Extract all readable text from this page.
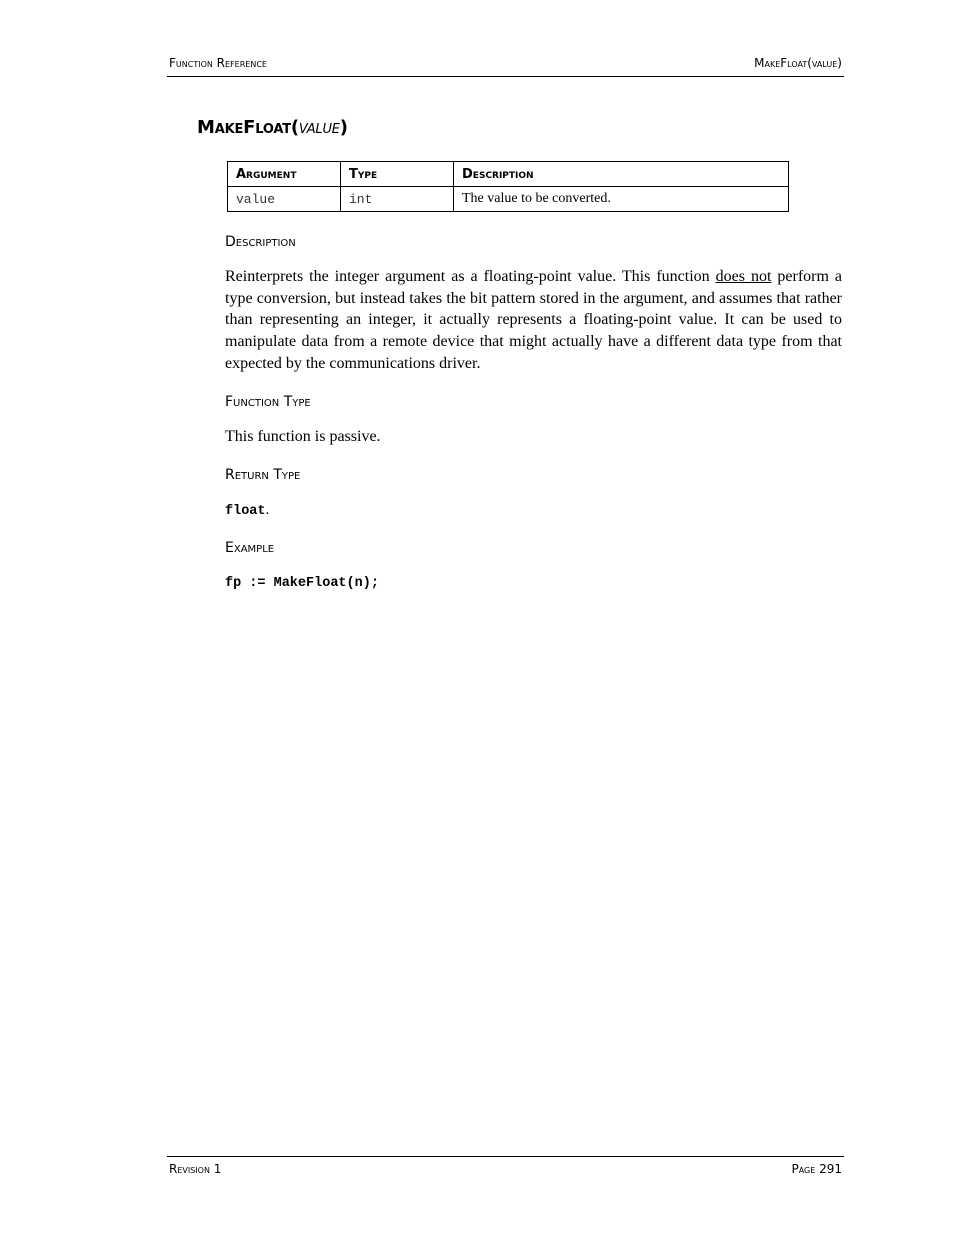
Function Reference	MakeFloat(value)
MakeFloat(value)
Argument	Type	Description
value	int	The value to be converted.
Description
Reinterprets the integer argument as a floating-point value. This function does not perform a type conversion, but instead takes the bit pattern stored in the argument, and assumes that rather than representing an integer, it actually represents a floating-point value. It can be used to manipulate data from a remote device that might actually have a different data type from that expected by the communications driver.
Function Type
This function is passive.
Return Type
float.
Example
fp := MakeFloat(n);
Revision 1	Page 291
